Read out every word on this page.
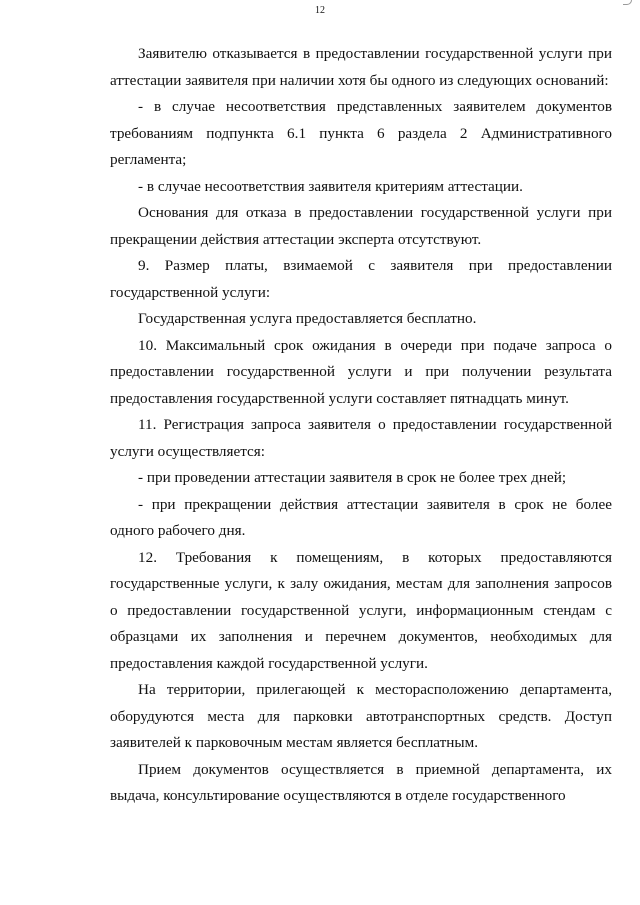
12

Заявителю отказывается в предоставлении государственной услуги при аттестации заявителя при наличии хотя бы одного из следующих оснований:

- в случае несоответствия представленных заявителем документов требованиям подпункта 6.1 пункта 6 раздела 2 Административного регламента;

- в случае несоответствия заявителя критериям аттестации.

Основания для отказа в предоставлении государственной услуги при прекращении действия аттестации эксперта отсутствуют.

9. Размер платы, взимаемой с заявителя при предоставлении государственной услуги:

Государственная услуга предоставляется бесплатно.

10. Максимальный срок ожидания в очереди при подаче запроса о предоставлении государственной услуги и при получении результата предоставления государственной услуги составляет пятнадцать минут.

11. Регистрация запроса заявителя о предоставлении государственной услуги осуществляется:

- при проведении аттестации заявителя в срок не более трех дней;

- при прекращении действия аттестации заявителя в срок не более одного рабочего дня.

12. Требования к помещениям, в которых предоставляются государственные услуги, к залу ожидания, местам для заполнения запросов о предоставлении государственной услуги, информационным стендам с образцами их заполнения и перечнем документов, необходимых для предоставления каждой государственной услуги.

На территории, прилегающей к месторасположению департамента, оборудуются места для парковки автотранспортных средств. Доступ заявителей к парковочным местам является бесплатным.

Прием документов осуществляется в приемной департамента, их выдача, консультирование осуществляются в отделе государственного
